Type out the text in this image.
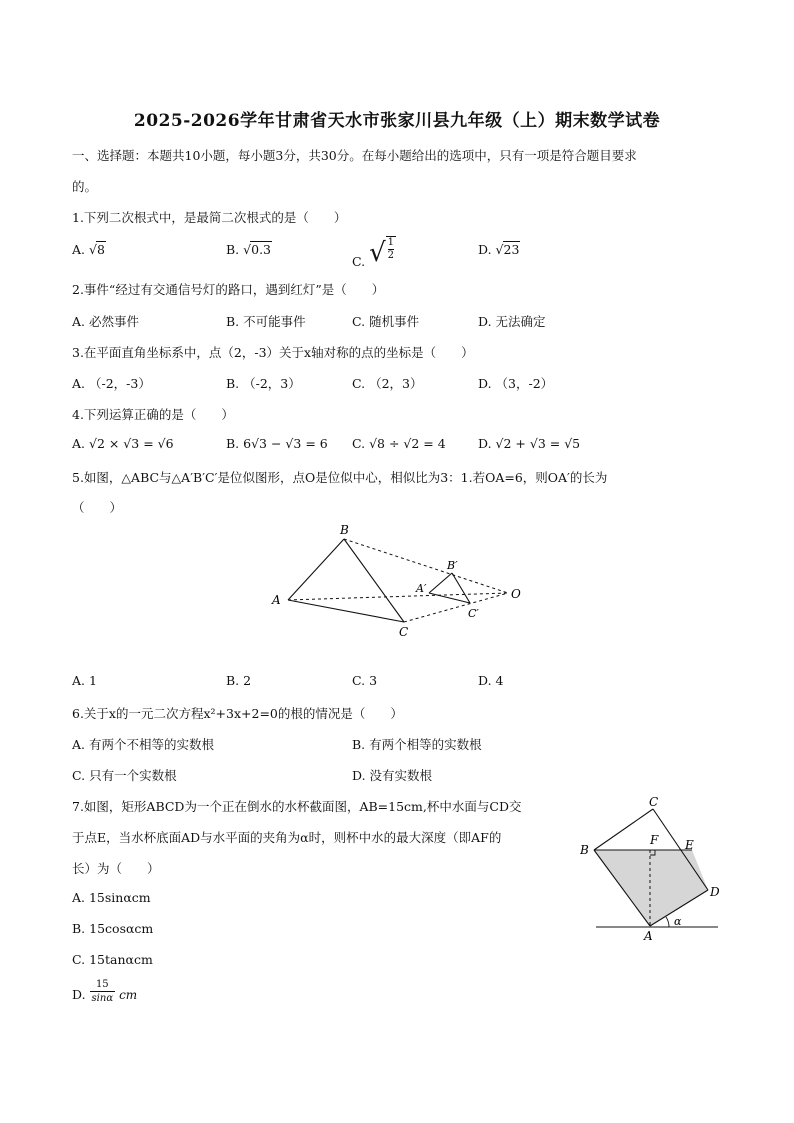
2025-2026学年甘肃省天水市张家川县九年级（上）期末数学试卷
一、选择题：本题共10小题，每小题3分，共30分。在每小题给出的选项中，只有一项是符合题目要求
的。
1.下列二次根式中，是最简二次根式的是（　　）
A. √8	B. √0.3
C. √ $\frac{1}{2}$	D. √23
2.事件“经过有交通信号灯的路口，遇到红灯”是（　　）
A. 必然事件	B. 不可能事件	C. 随机事件	D. 无法确定
3.在平面直角坐标系中，点（2，-3）关于x轴对称的点的坐标是（　　）
A. （-2，-3）	B. （-2，3）	C. （2，3）	D. （3，-2）
4.下列运算正确的是（　　）
A. √2 × √3 = √6	B. 6√3 − √3 = 6 C. √8 ÷ √2 = 4	D. √2 + √3 = √5
5.如图，△ABC与△A′B′C′是位似图形，点O是位似中心，相似比为3：1.若OA=6，则OA′的长为
（　　）
A
B
C
A′
B′
C′
O
A. 1	B. 2	C. 3	D. 4
6.关于x的一元二次方程x²+3x+2=0的根的情况是（　　）
A. 有两个不相等的实数根	B. 有两个相等的实数根
C. 只有一个实数根	D. 没有实数根
7.如图，矩形ABCD为一个正在倒水的水杯截面图，AB=15cm,杯中水面与CD交
于点E，当水杯底面AD与水平面的夹角为α时，则杯中水的最大深度（即AF的
长）为（　　）
A. 15sinαcm
B. 15cosαcm
C. 15tanαcm
D. $\frac{15}{\sin\alpha}$ cm
B
C
D
E
F
A
α
